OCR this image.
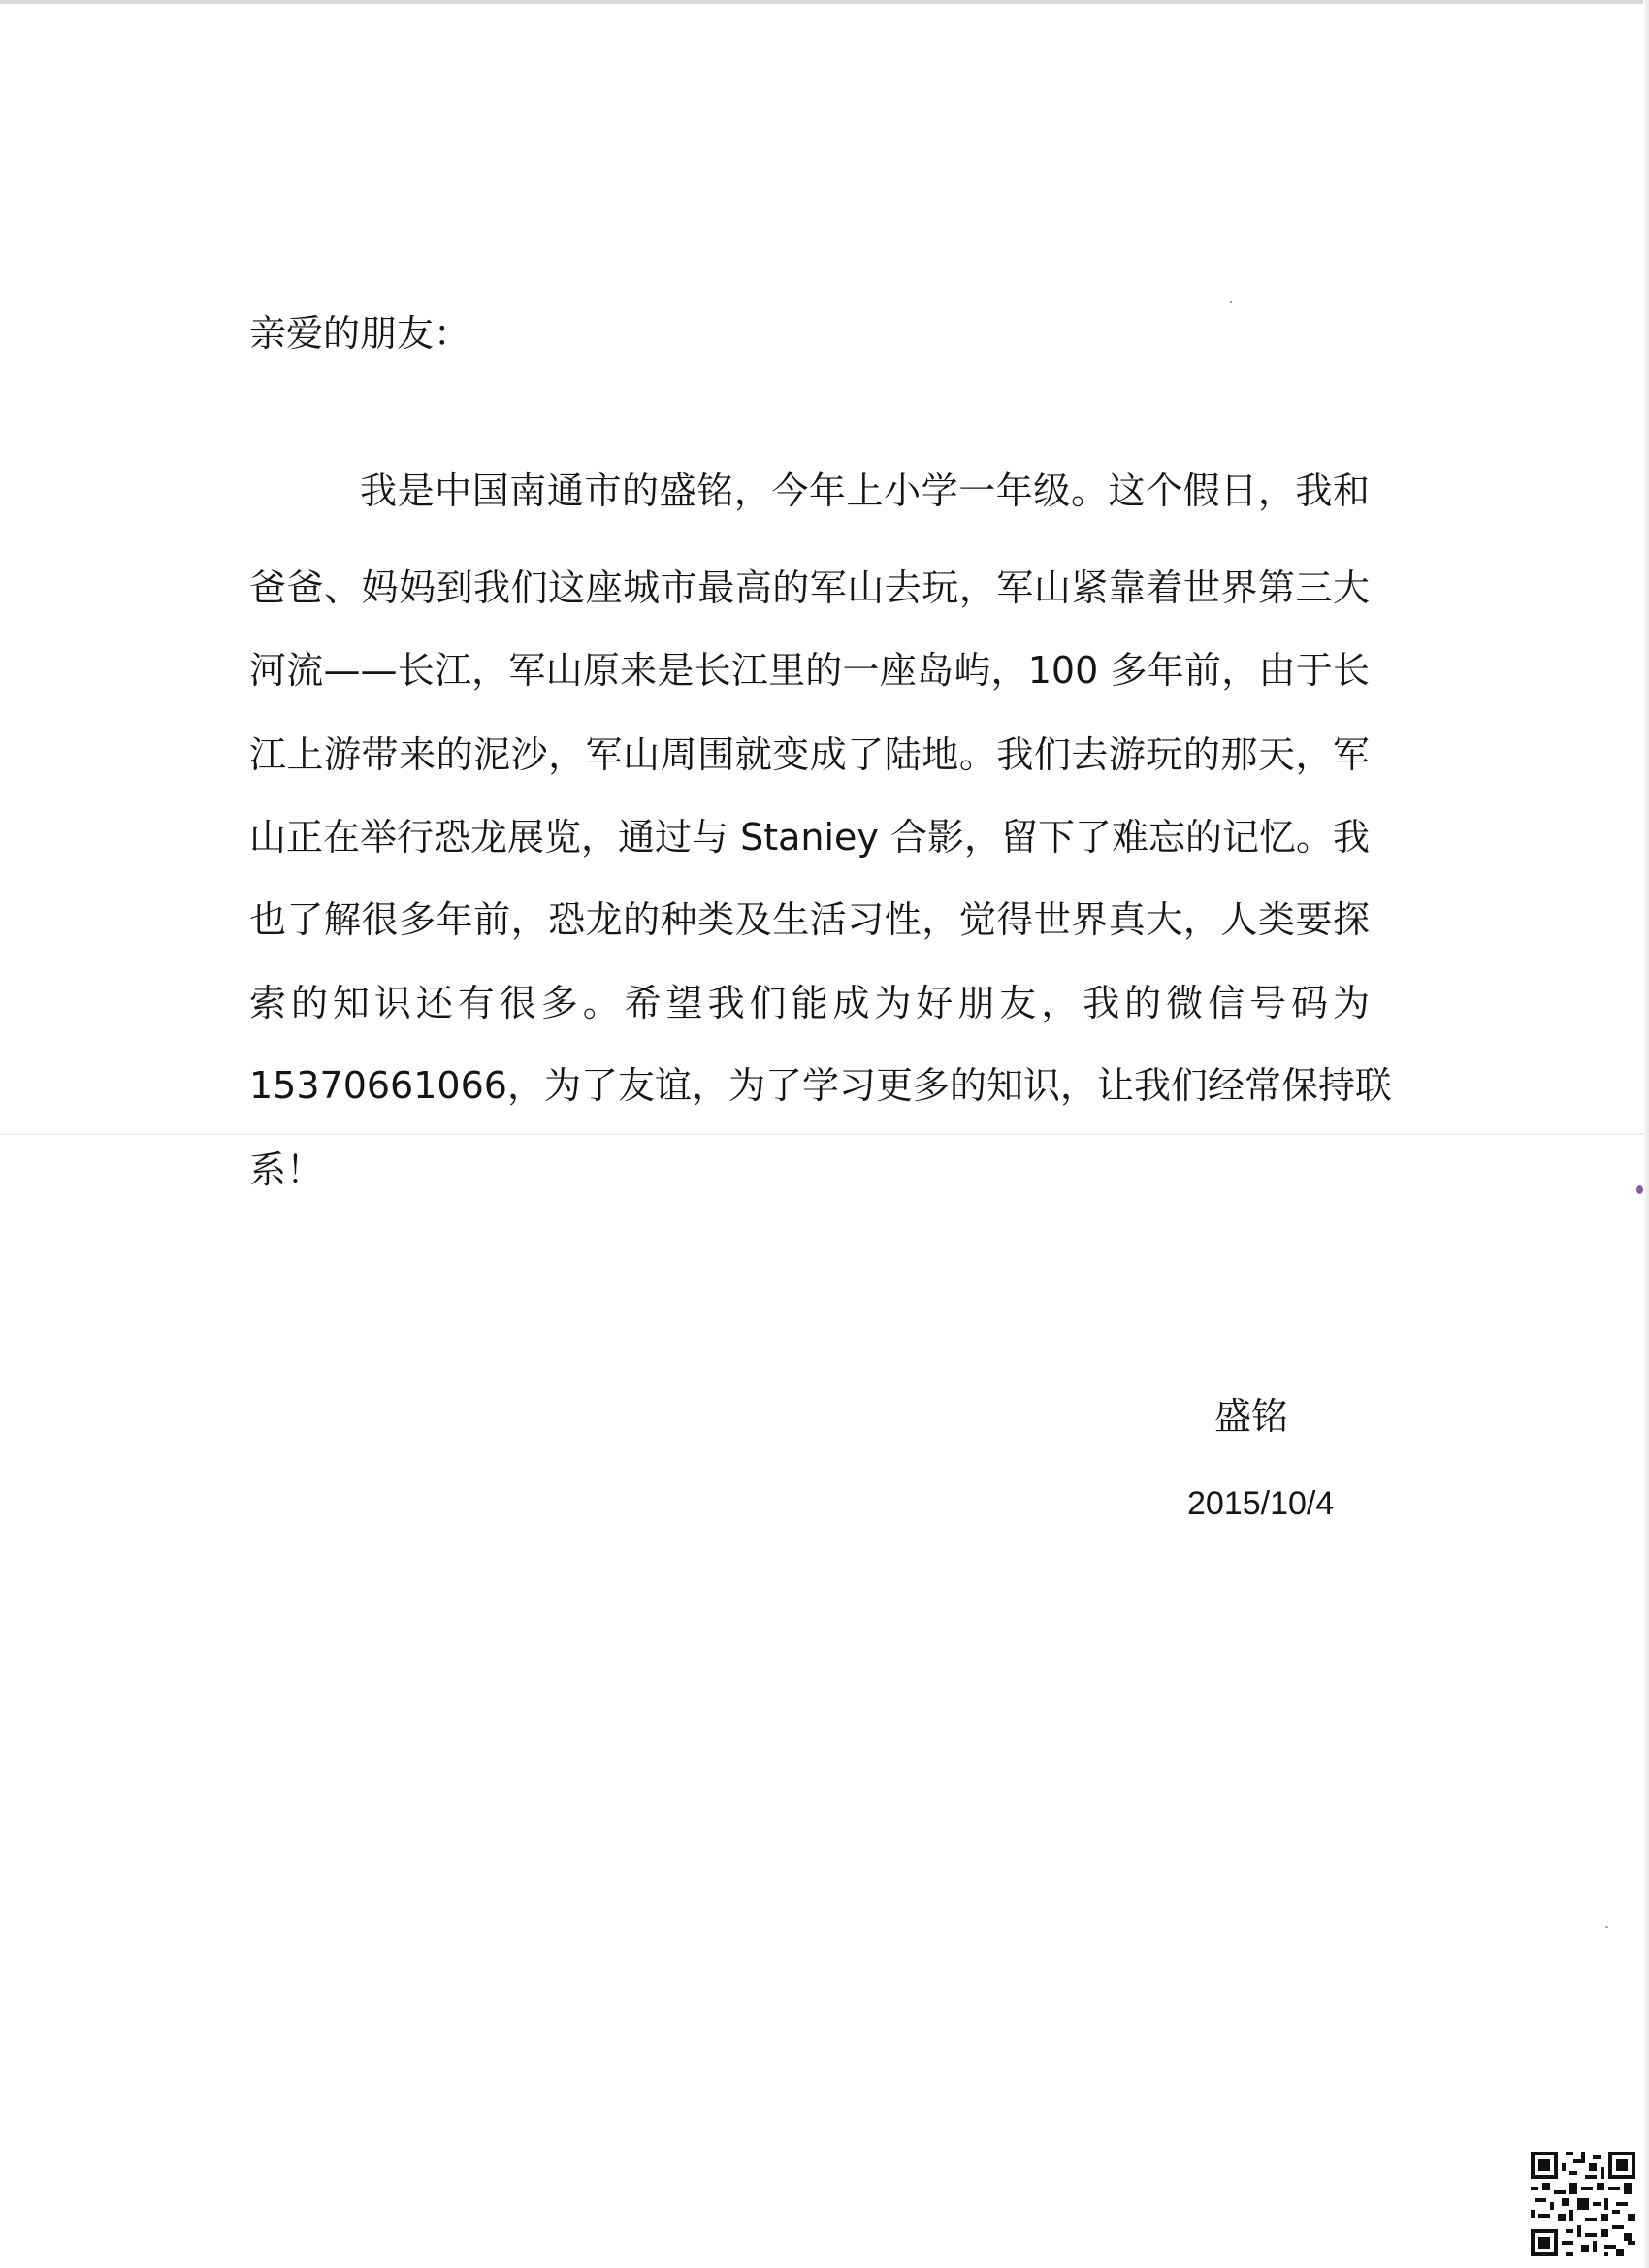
亲爱的朋友：
我是中国南通市的盛铭，今年上小学一年级。这个假日，我和
爸爸、妈妈到我们这座城市最高的军山去玩，军山紧靠着世界第三大
河流——长江，军山原来是长江里的一座岛屿，100 多年前，由于长
江上游带来的泥沙，军山周围就变成了陆地。我们去游玩的那天，军
山正在举行恐龙展览，通过与 Staniey 合影，留下了难忘的记忆。我
也了解很多年前，恐龙的种类及生活习性，觉得世界真大，人类要探
索的知识还有很多。希望我们能成为好朋友，我的微信号码为
15370661066，为了友谊，为了学习更多的知识，让我们经常保持联
系！
盛铭
2015/10/4
